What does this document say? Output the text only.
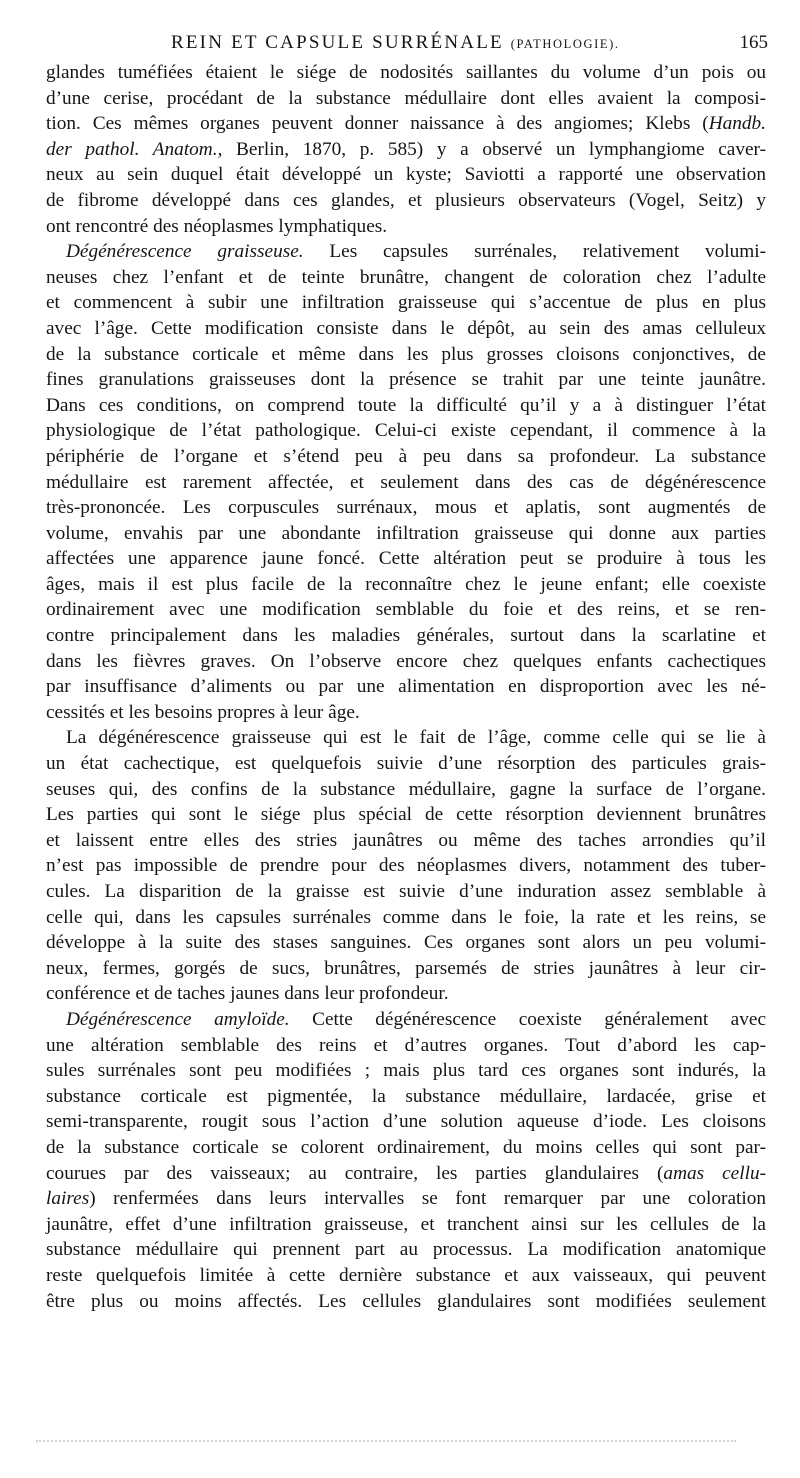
REIN ET CAPSULE SURRÉNALE (PATHOLOGIE).	165
glandes tuméfiées étaient le siége de nodosités saillantes du volume d’un pois ou
d’une cerise, procédant de la substance médullaire dont elles avaient la composi-
tion. Ces mêmes organes peuvent donner naissance à des angiomes; Klebs (Handb.
der pathol. Anatom., Berlin, 1870, p. 585) y a observé un lymphangiome caver-
neux au sein duquel était développé un kyste; Saviotti a rapporté une observation
de fibrome développé dans ces glandes, et plusieurs observateurs (Vogel, Seitz) y
ont rencontré des néoplasmes lymphatiques.
Dégénérescence graisseuse. Les capsules surrénales, relativement volumi-
neuses chez l’enfant et de teinte brunâtre, changent de coloration chez l’adulte
et commencent à subir une infiltration graisseuse qui s’accentue de plus en plus
avec l’âge. Cette modification consiste dans le dépôt, au sein des amas celluleux
de la substance corticale et même dans les plus grosses cloisons conjonctives, de
fines granulations graisseuses dont la présence se trahit par une teinte jaunâtre.
Dans ces conditions, on comprend toute la difficulté qu’il y a à distinguer l’état
physiologique de l’état pathologique. Celui-ci existe cependant, il commence à la
périphérie de l’organe et s’étend peu à peu dans sa profondeur. La substance
médullaire est rarement affectée, et seulement dans des cas de dégénérescence
très-prononcée. Les corpuscules surrénaux, mous et aplatis, sont augmentés de
volume, envahis par une abondante infiltration graisseuse qui donne aux parties
affectées une apparence jaune foncé. Cette altération peut se produire à tous les
âges, mais il est plus facile de la reconnaître chez le jeune enfant; elle coexiste
ordinairement avec une modification semblable du foie et des reins, et se ren-
contre principalement dans les maladies générales, surtout dans la scarlatine et
dans les fièvres graves. On l’observe encore chez quelques enfants cachectiques
par insuffisance d’aliments ou par une alimentation en disproportion avec les né-
cessités et les besoins propres à leur âge.
La dégénérescence graisseuse qui est le fait de l’âge, comme celle qui se lie à
un état cachectique, est quelquefois suivie d’une résorption des particules grais-
seuses qui, des confins de la substance médullaire, gagne la surface de l’organe.
Les parties qui sont le siége plus spécial de cette résorption deviennent brunâtres
et laissent entre elles des stries jaunâtres ou même des taches arrondies qu’il
n’est pas impossible de prendre pour des néoplasmes divers, notamment des tuber-
cules. La disparition de la graisse est suivie d’une induration assez semblable à
celle qui, dans les capsules surrénales comme dans le foie, la rate et les reins, se
développe à la suite des stases sanguines. Ces organes sont alors un peu volumi-
neux, fermes, gorgés de sucs, brunâtres, parsemés de stries jaunâtres à leur cir-
conférence et de taches jaunes dans leur profondeur.
Dégénérescence amyloïde. Cette dégénérescence coexiste généralement avec
une altération semblable des reins et d’autres organes. Tout d’abord les cap-
sules surrénales sont peu modifiées ; mais plus tard ces organes sont indurés, la
substance corticale est pigmentée, la substance médullaire, lardacée, grise et
semi-transparente, rougit sous l’action d’une solution aqueuse d’iode. Les cloisons
de la substance corticale se colorent ordinairement, du moins celles qui sont par-
courues par des vaisseaux; au contraire, les parties glandulaires (amas cellu-
laires) renfermées dans leurs intervalles se font remarquer par une coloration
jaunâtre, effet d’une infiltration graisseuse, et tranchent ainsi sur les cellules de la
substance médullaire qui prennent part au processus. La modification anatomique
reste quelquefois limitée à cette dernière substance et aux vaisseaux, qui peuvent
être plus ou moins affectés. Les cellules glandulaires sont modifiées seulement
